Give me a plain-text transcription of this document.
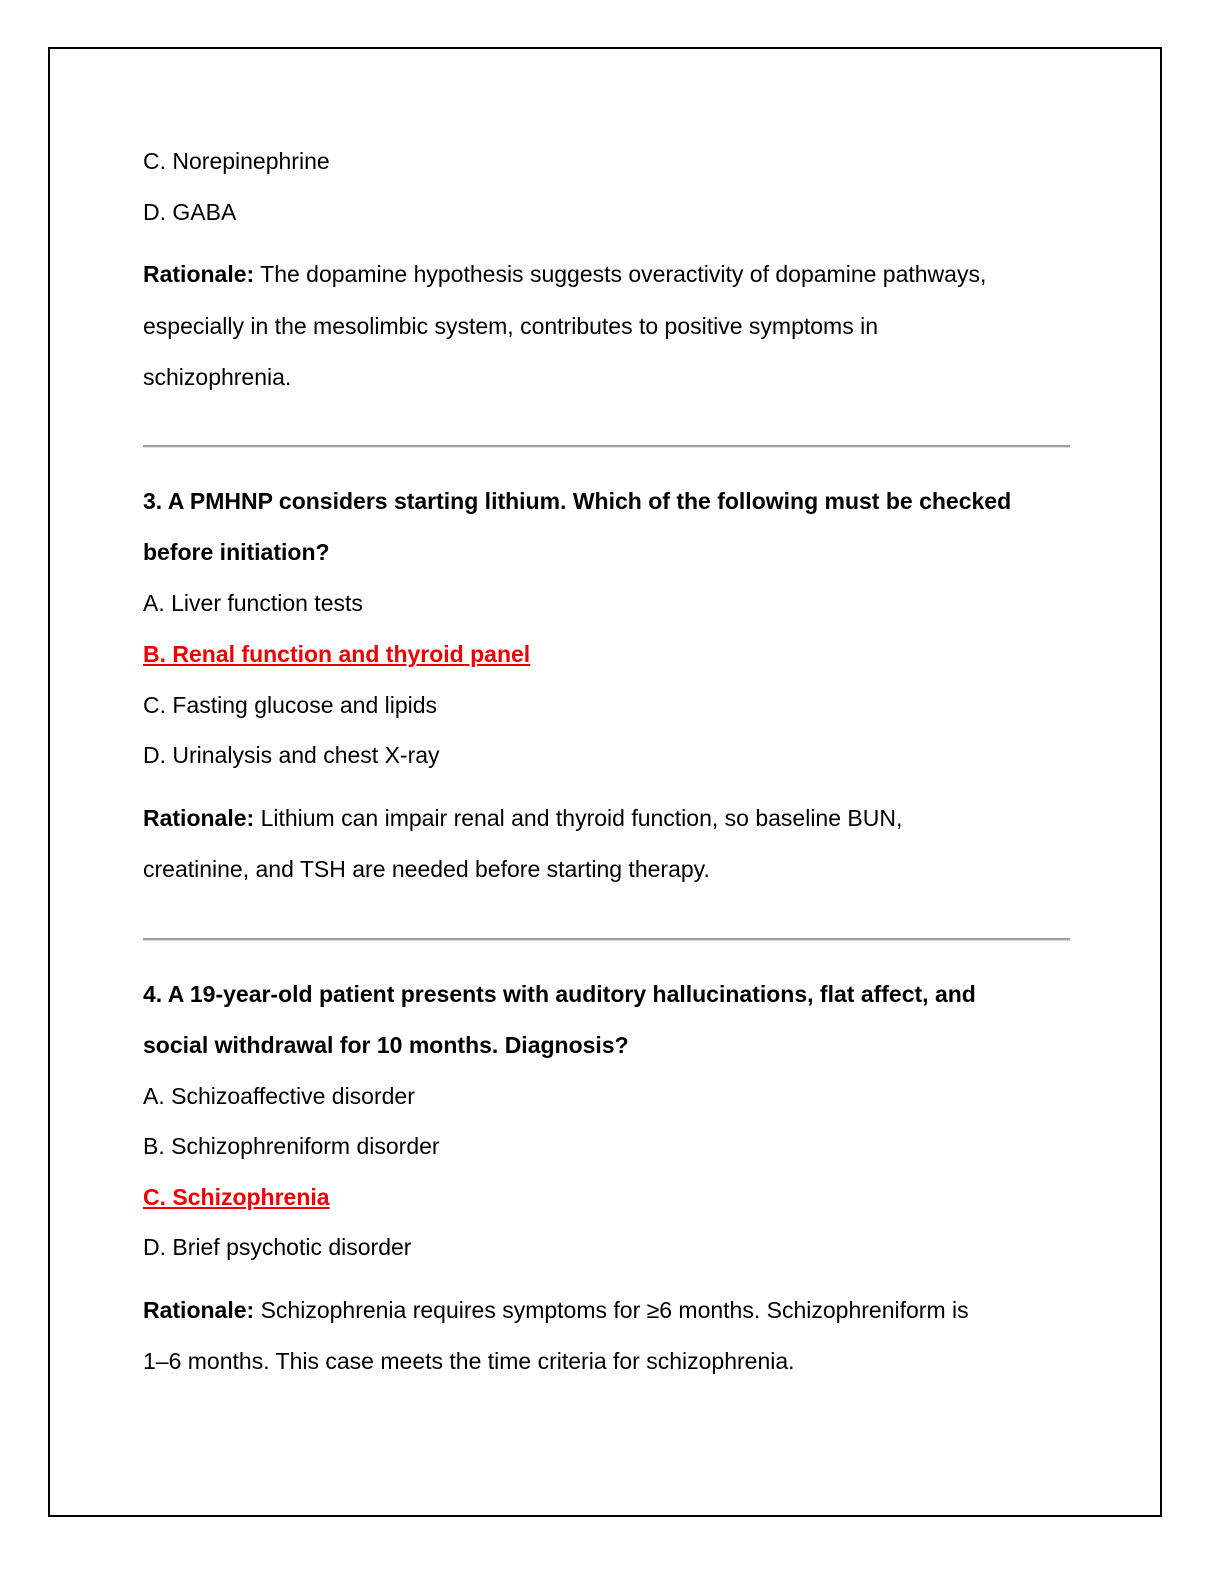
C. Norepinephrine
D. GABA
Rationale: The dopamine hypothesis suggests overactivity of dopamine pathways,
especially in the mesolimbic system, contributes to positive symptoms in
schizophrenia.
3. A PMHNP considers starting lithium. Which of the following must be checked
before initiation?
A. Liver function tests
B. Renal function and thyroid panel
C. Fasting glucose and lipids
D. Urinalysis and chest X-ray
Rationale: Lithium can impair renal and thyroid function, so baseline BUN,
creatinine, and TSH are needed before starting therapy.
4. A 19-year-old patient presents with auditory hallucinations, flat affect, and
social withdrawal for 10 months. Diagnosis?
A. Schizoaffective disorder
B. Schizophreniform disorder
C. Schizophrenia
D. Brief psychotic disorder
Rationale: Schizophrenia requires symptoms for ≥6 months. Schizophreniform is
1–6 months. This case meets the time criteria for schizophrenia.
